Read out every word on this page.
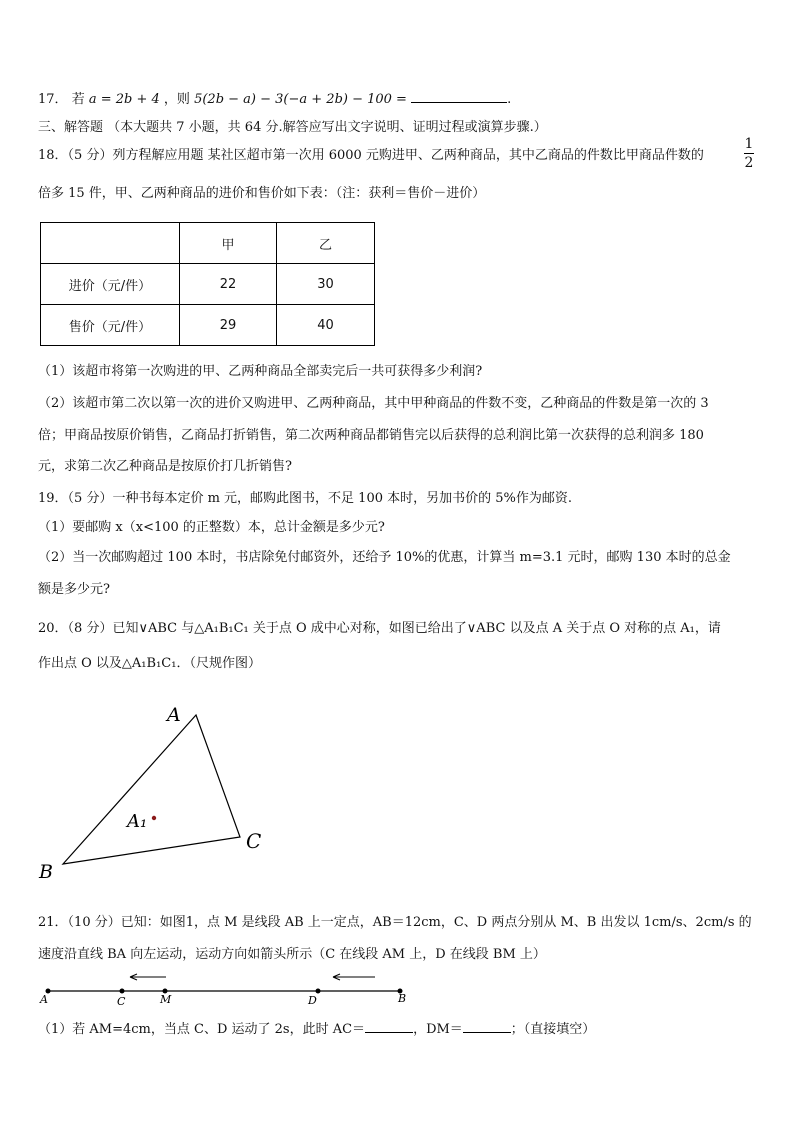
17． 若 a = 2b + 4 ，则 5(2b − a) − 3(−a + 2b) − 100 =	.
三、解答题 （本大题共 7 小题，共 64 分.解答应写出文字说明、证明过程或演算步骤.）
18．（5 分）列方程解应用题 某社区超市第一次用 6000 元购进甲、乙两种商品，其中乙商品的件数比甲商品件数的
1
2
倍多 15 件，甲、乙两种商品的进价和售价如下表：（注：获利＝售价－进价）
	甲	乙
进价（元/件）	22	30
售价（元/件）	29	40
（1）该超市将第一次购进的甲、乙两种商品全部卖完后一共可获得多少利润?
（2）该超市第二次以第一次的进价又购进甲、乙两种商品，其中甲种商品的件数不变，乙种商品的件数是第一次的 3
倍；甲商品按原价销售，乙商品打折销售，第二次两种商品都销售完以后获得的总利润比第一次获得的总利润多 180
元，求第二次乙种商品是按原价打几折销售?
19．（5 分）一种书每本定价 m 元，邮购此图书，不足 100 本时，另加书价的 5%作为邮资.
（1）要邮购 x（x<100 的正整数）本，总计金额是多少元?
（2）当一次邮购超过 100 本时，书店除免付邮资外，还给予 10%的优惠，计算当 m=3.1 元时，邮购 130 本时的总金
额是多少元?
20．（8 分）已知∨ABC 与△A₁B₁C₁ 关于点 O 成中心对称，如图已给出了∨ABC 以及点 A 关于点 O 对称的点 A₁，请
作出点 O 以及△A₁B₁C₁．（尺规作图）
A
B
C
A₁
A	C	M	D	B
21．（10 分）已知：如图1，点 M 是线段 AB 上一定点，AB＝12cm，C、D 两点分别从 M、B 出发以 1cm/s、2cm/s 的
速度沿直线 BA 向左运动，运动方向如箭头所示（C 在线段 AM 上，D 在线段 BM 上）
（1）若 AM=4cm，当点 C、D 运动了 2s，此时 AC＝	，DM＝	；（直接填空）
